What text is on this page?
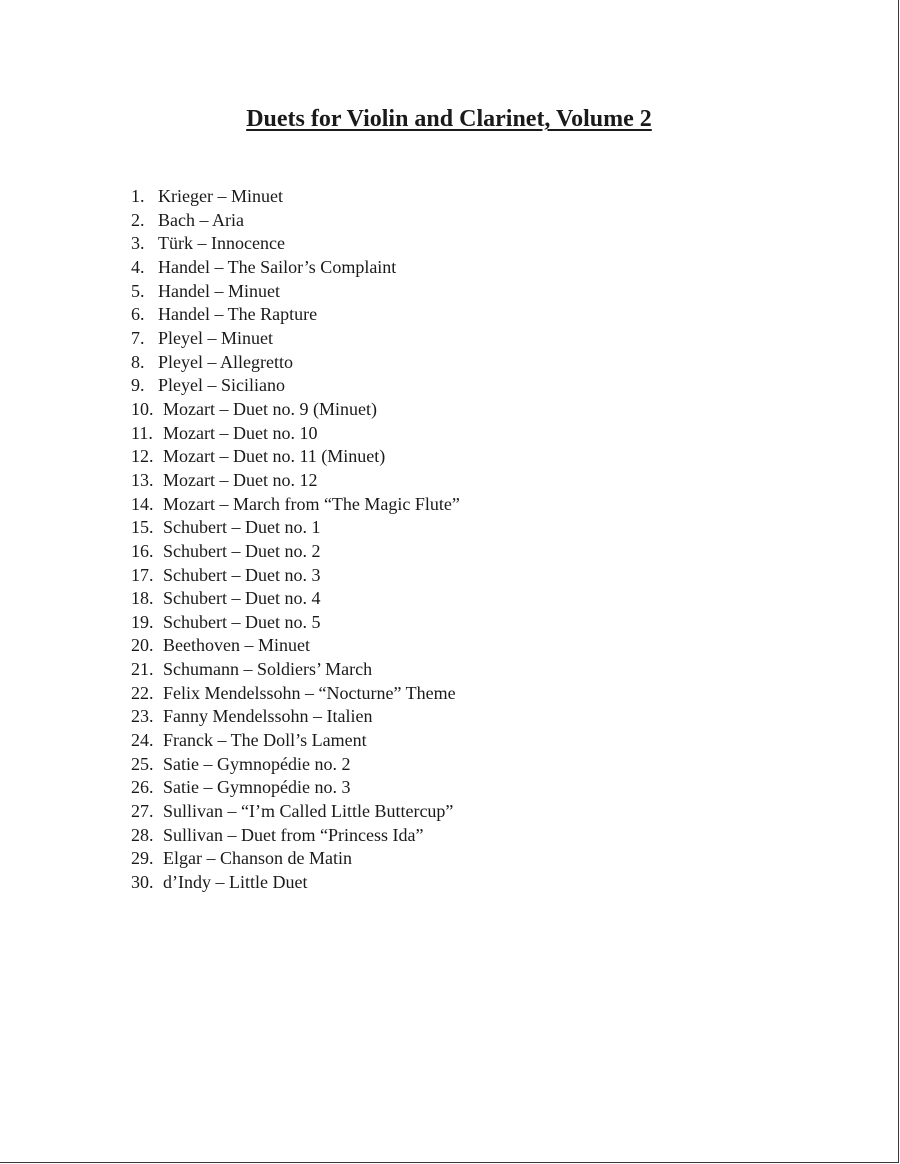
Duets for Violin and Clarinet, Volume 2
1. Krieger – Minuet
2. Bach – Aria
3. Türk – Innocence
4. Handel – The Sailor’s Complaint
5. Handel – Minuet
6. Handel – The Rapture
7. Pleyel – Minuet
8. Pleyel – Allegretto
9. Pleyel – Siciliano
10. Mozart – Duet no. 9 (Minuet)
11. Mozart – Duet no. 10
12. Mozart – Duet no. 11 (Minuet)
13. Mozart – Duet no. 12
14. Mozart – March from “The Magic Flute”
15. Schubert – Duet no. 1
16. Schubert – Duet no. 2
17. Schubert – Duet no. 3
18. Schubert – Duet no. 4
19. Schubert – Duet no. 5
20. Beethoven – Minuet
21. Schumann – Soldiers’ March
22. Felix Mendelssohn – “Nocturne” Theme
23. Fanny Mendelssohn – Italien
24. Franck – The Doll’s Lament
25. Satie – Gymnopédie no. 2
26. Satie – Gymnopédie no. 3
27. Sullivan – “I’m Called Little Buttercup”
28. Sullivan – Duet from “Princess Ida”
29. Elgar – Chanson de Matin
30. d’Indy – Little Duet
